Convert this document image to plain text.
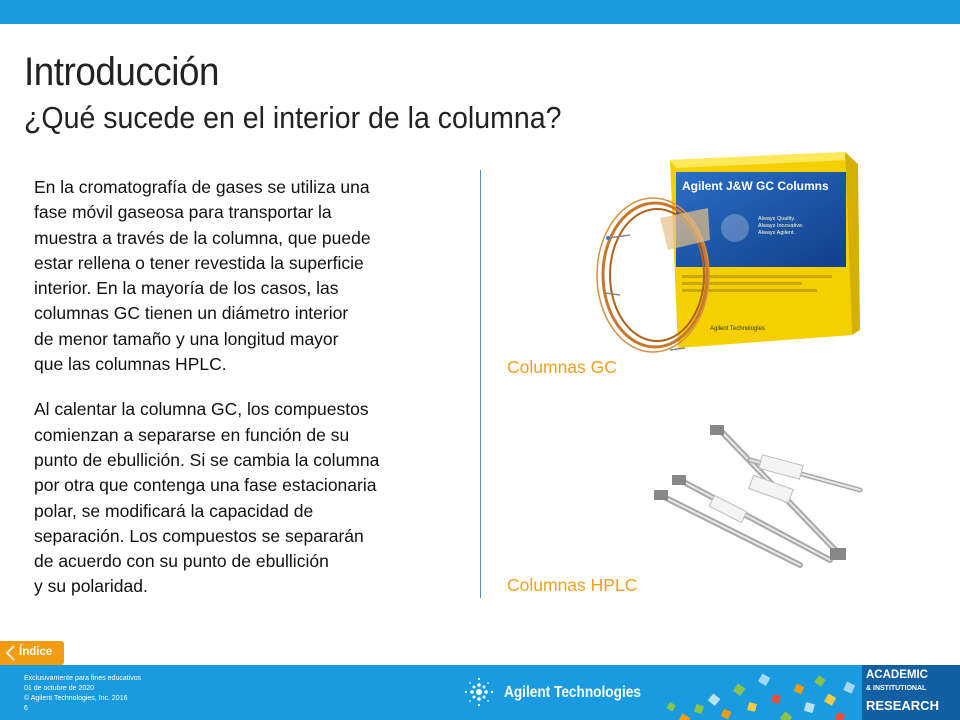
Introducción
¿Qué sucede en el interior de la columna?

En la cromatografía de gases se utiliza una
fase móvil gaseosa para transportar la
muestra a través de la columna, que puede
estar rellena o tener revestida la superficie
interior. En la mayoría de los casos, las
columnas GC tienen un diámetro interior
de menor tamaño y una longitud mayor
que las columnas HPLC.

Al calentar la columna GC, los compuestos
comienzan a separarse en función de su
punto de ebullición. Si se cambia la columna
por otra que contenga una fase estacionaria
polar, se modificará la capacidad de
separación. Los compuestos se separarán
de acuerdo con su punto de ebullición
y su polaridad.

Agilent J&W GC Columns
Always Quality.
Always Innovative.
Always Agilent.
Agilent Technologies
Columnas GC
Columnas HPLC
Índice
Exclusivamente para fines educativos
01 de octubre de 2020
© Agilent Technologies, Inc. 2016
6
Agilent Technologies
ACADEMIC
& INSTITUTIONAL
RESEARCH
